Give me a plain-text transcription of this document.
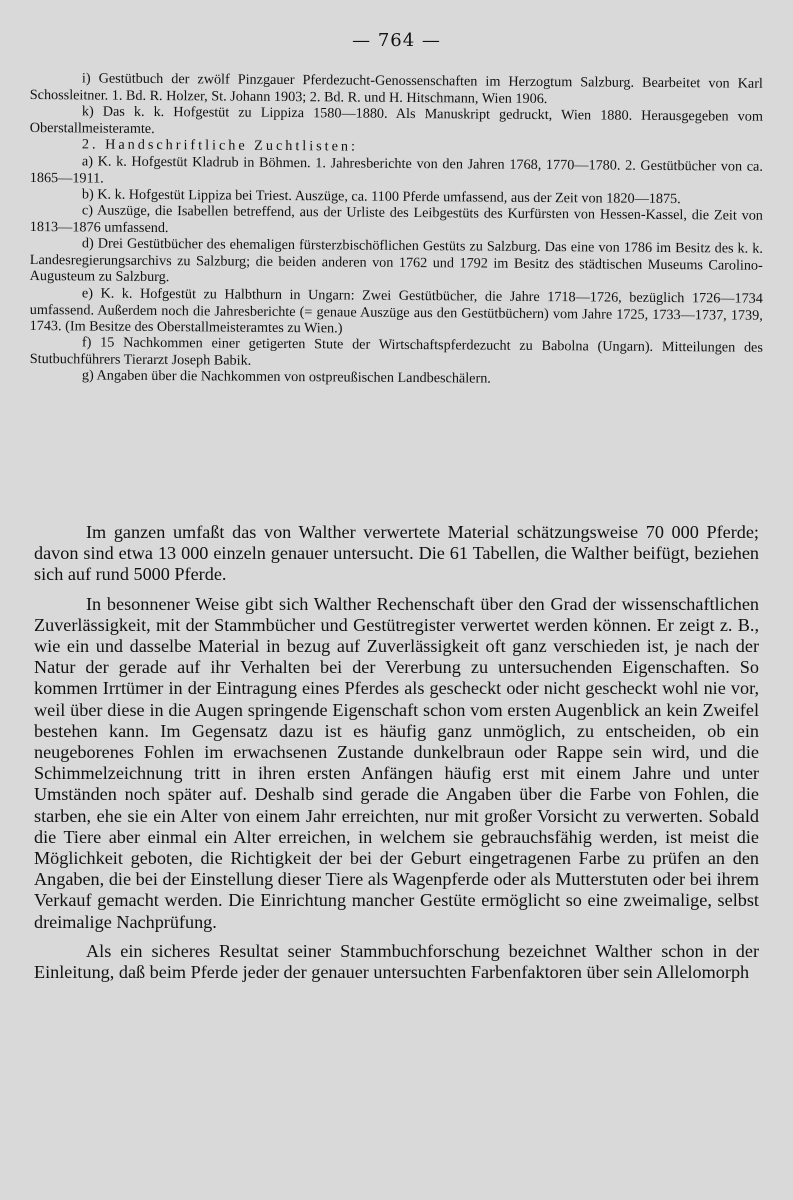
— 764 —

i) Gestütbuch der zwölf Pinzgauer Pferdezucht-Genossenschaften im Herzogtum Salzburg. Bearbeitet von Karl Schossleitner. 1. Bd. R. Holzer, St. Johann 1903; 2. Bd. R. und H. Hitschmann, Wien 1906.

k) Das k. k. Hofgestüt zu Lippiza 1580—1880. Als Manuskript gedruckt, Wien 1880. Herausgegeben vom Oberstallmeisteramte.

2. Handschriftliche Zuchtlisten:

a) K. k. Hofgestüt Kladrub in Böhmen. 1. Jahresberichte von den Jahren 1768, 1770—1780. 2. Gestütbücher von ca. 1865—1911.

b) K. k. Hofgestüt Lippiza bei Triest. Auszüge, ca. 1100 Pferde umfassend, aus der Zeit von 1820—1875.

c) Auszüge, die Isabellen betreffend, aus der Urliste des Leibgestüts des Kurfürsten von Hessen-Kassel, die Zeit von 1813—1876 umfassend.

d) Drei Gestütbücher des ehemaligen fürsterzbischöflichen Gestüts zu Salzburg. Das eine von 1786 im Besitz des k. k. Landesregierungsarchivs zu Salzburg; die beiden anderen von 1762 und 1792 im Besitz des städtischen Museums Carolino-Augusteum zu Salzburg.

e) K. k. Hofgestüt zu Halbthurn in Ungarn: Zwei Gestütbücher, die Jahre 1718—1726, bezüglich 1726—1734 umfassend. Außerdem noch die Jahresberichte (= genaue Auszüge aus den Gestütbüchern) vom Jahre 1725, 1733—1737, 1739, 1743. (Im Besitze des Oberstallmeisteramtes zu Wien.)

f) 15 Nachkommen einer getigerten Stute der Wirtschaftspferdezucht zu Babolna (Ungarn). Mitteilungen des Stutbuchführers Tierarzt Joseph Babik.

g) Angaben über die Nachkommen von ostpreußischen Landbeschälern.

Im ganzen umfaßt das von Walther verwertete Material schätzungsweise 70 000 Pferde; davon sind etwa 13 000 einzeln genauer untersucht. Die 61 Tabellen, die Walther beifügt, beziehen sich auf rund 5000 Pferde.

In besonnener Weise gibt sich Walther Rechenschaft über den Grad der wissenschaftlichen Zuverlässigkeit, mit der Stammbücher und Gestütregister verwertet werden können. Er zeigt z. B., wie ein und dasselbe Material in bezug auf Zuverlässigkeit oft ganz verschieden ist, je nach der Natur der gerade auf ihr Verhalten bei der Vererbung zu untersuchenden Eigenschaften. So kommen Irrtümer in der Eintragung eines Pferdes als gescheckt oder nicht gescheckt wohl nie vor, weil über diese in die Augen springende Eigenschaft schon vom ersten Augenblick an kein Zweifel bestehen kann. Im Gegensatz dazu ist es häufig ganz unmöglich, zu entscheiden, ob ein neugeborenes Fohlen im erwachsenen Zustande dunkelbraun oder Rappe sein wird, und die Schimmelzeichnung tritt in ihren ersten Anfängen häufig erst mit einem Jahre und unter Umständen noch später auf. Deshalb sind gerade die Angaben über die Farbe von Fohlen, die starben, ehe sie ein Alter von einem Jahr erreichten, nur mit großer Vorsicht zu verwerten. Sobald die Tiere aber einmal ein Alter erreichen, in welchem sie gebrauchsfähig werden, ist meist die Möglichkeit geboten, die Richtigkeit der bei der Geburt eingetragenen Farbe zu prüfen an den Angaben, die bei der Einstellung dieser Tiere als Wagenpferde oder als Mutterstuten oder bei ihrem Verkauf gemacht werden. Die Einrichtung mancher Gestüte ermöglicht so eine zweimalige, selbst dreimalige Nachprüfung.

Als ein sicheres Resultat seiner Stammbuchforschung bezeichnet Walther schon in der Einleitung, daß beim Pferde jeder der genauer untersuchten Farbenfaktoren über sein Allelomorph
